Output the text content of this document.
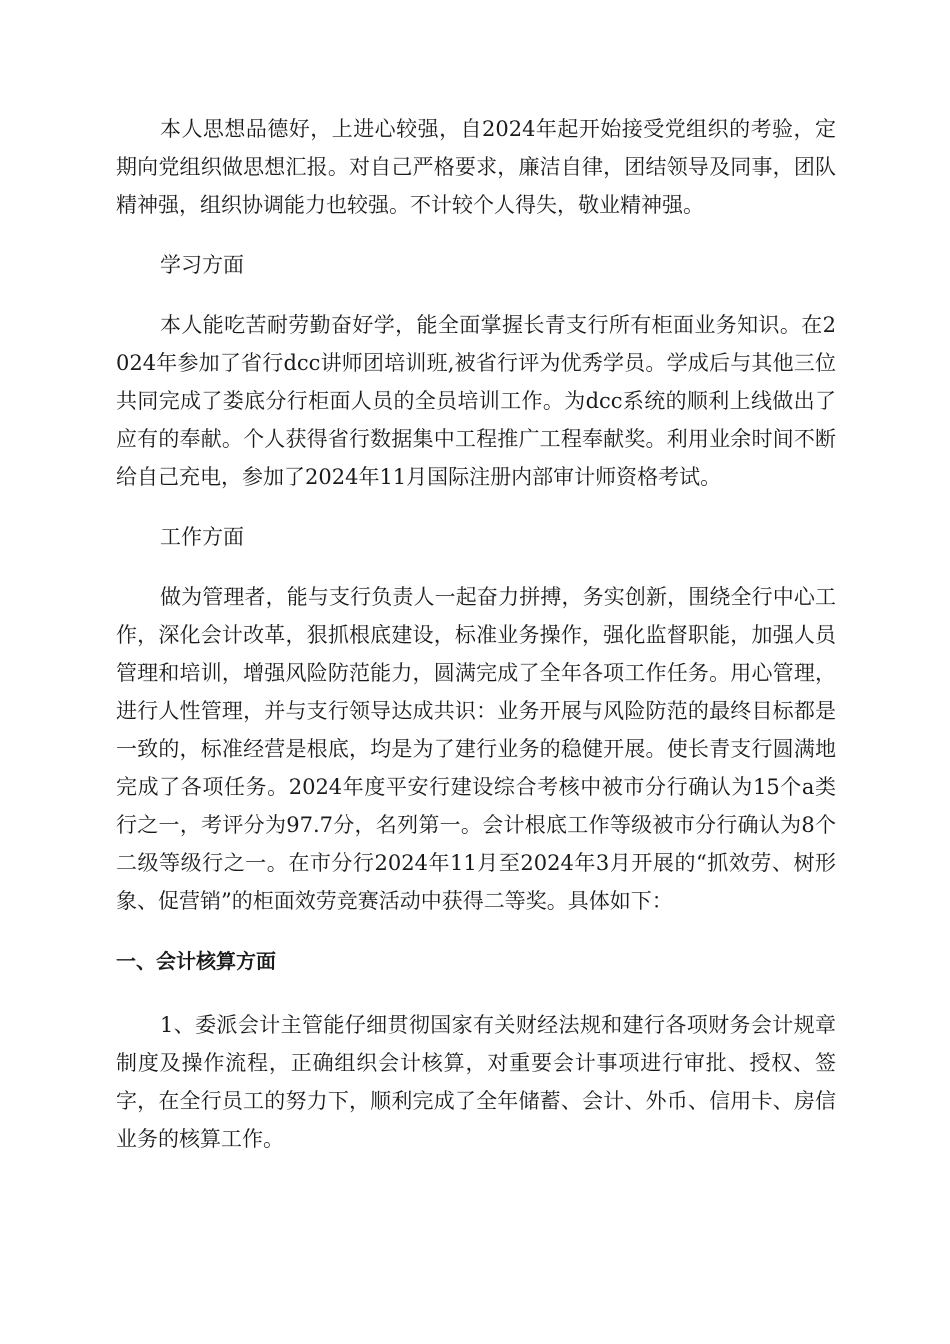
本人思想品德好，上进心较强，自2024年起开始接受党组织的考验，定期向党组织做思想汇报。对自己严格要求，廉洁自律，团结领导及同事，团队精神强，组织协调能力也较强。不计较个人得失，敬业精神强。

学习方面

本人能吃苦耐劳勤奋好学，能全面掌握长青支行所有柜面业务知识。在2024年参加了省行dcc讲师团培训班,被省行评为优秀学员。学成后与其他三位共同完成了娄底分行柜面人员的全员培训工作。为dcc系统的顺利上线做出了应有的奉献。个人获得省行数据集中工程推广工程奉献奖。利用业余时间不断给自己充电，参加了2024年11月国际注册内部审计师资格考试。

工作方面

做为管理者，能与支行负责人一起奋力拼搏，务实创新，围绕全行中心工作，深化会计改革，狠抓根底建设，标准业务操作，强化监督职能，加强人员管理和培训，增强风险防范能力，圆满完成了全年各项工作任务。用心管理，进行人性管理，并与支行领导达成共识：业务开展与风险防范的最终目标都是一致的，标准经营是根底，均是为了建行业务的稳健开展。使长青支行圆满地完成了各项任务。2024年度平安行建设综合考核中被市分行确认为15个a类行之一，考评分为97.7分，名列第一。会计根底工作等级被市分行确认为8个二级等级行之一。在市分行2024年11月至2024年3月开展的“抓效劳、树形象、促营销”的柜面效劳竞赛活动中获得二等奖。具体如下：

一、会计核算方面

1、委派会计主管能仔细贯彻国家有关财经法规和建行各项财务会计规章制度及操作流程，正确组织会计核算，对重要会计事项进行审批、授权、签字，在全行员工的努力下，顺利完成了全年储蓄、会计、外币、信用卡、房信业务的核算工作。
